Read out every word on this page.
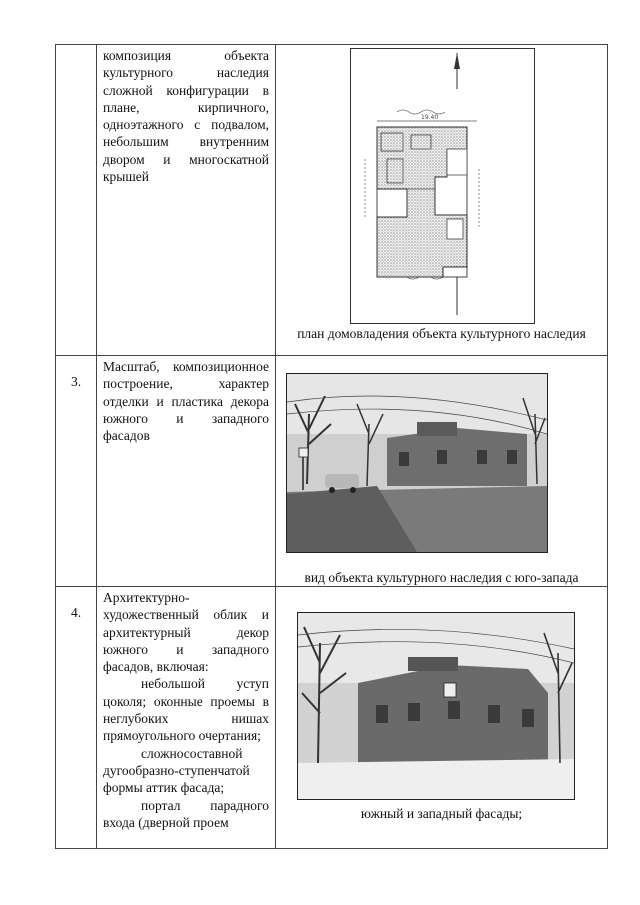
	композиция объекта культурного наследия сложной конфигурации в плане, кирпичного, одноэтажного с подвалом, небольшим внутренним двором и многоскатной крышей	19.40
план домовладения объекта культурного наследия

3.	Масштаб, композиционное построение, характер отделки и пластика декора южного и западного фасадов	вид объекта культурного наследия с юго-запада

4.	Архитектурно-художественный облик и архитектурный декор южного и западного фасадов, включая:

небольшой уступ цоколя; оконные проемы в неглубоких нишах прямоугольного очертания;

сложносоставной дугообразно-ступенчатой формы аттик фасада;

портал парадного входа (дверной проем	южный и западный фасады;
